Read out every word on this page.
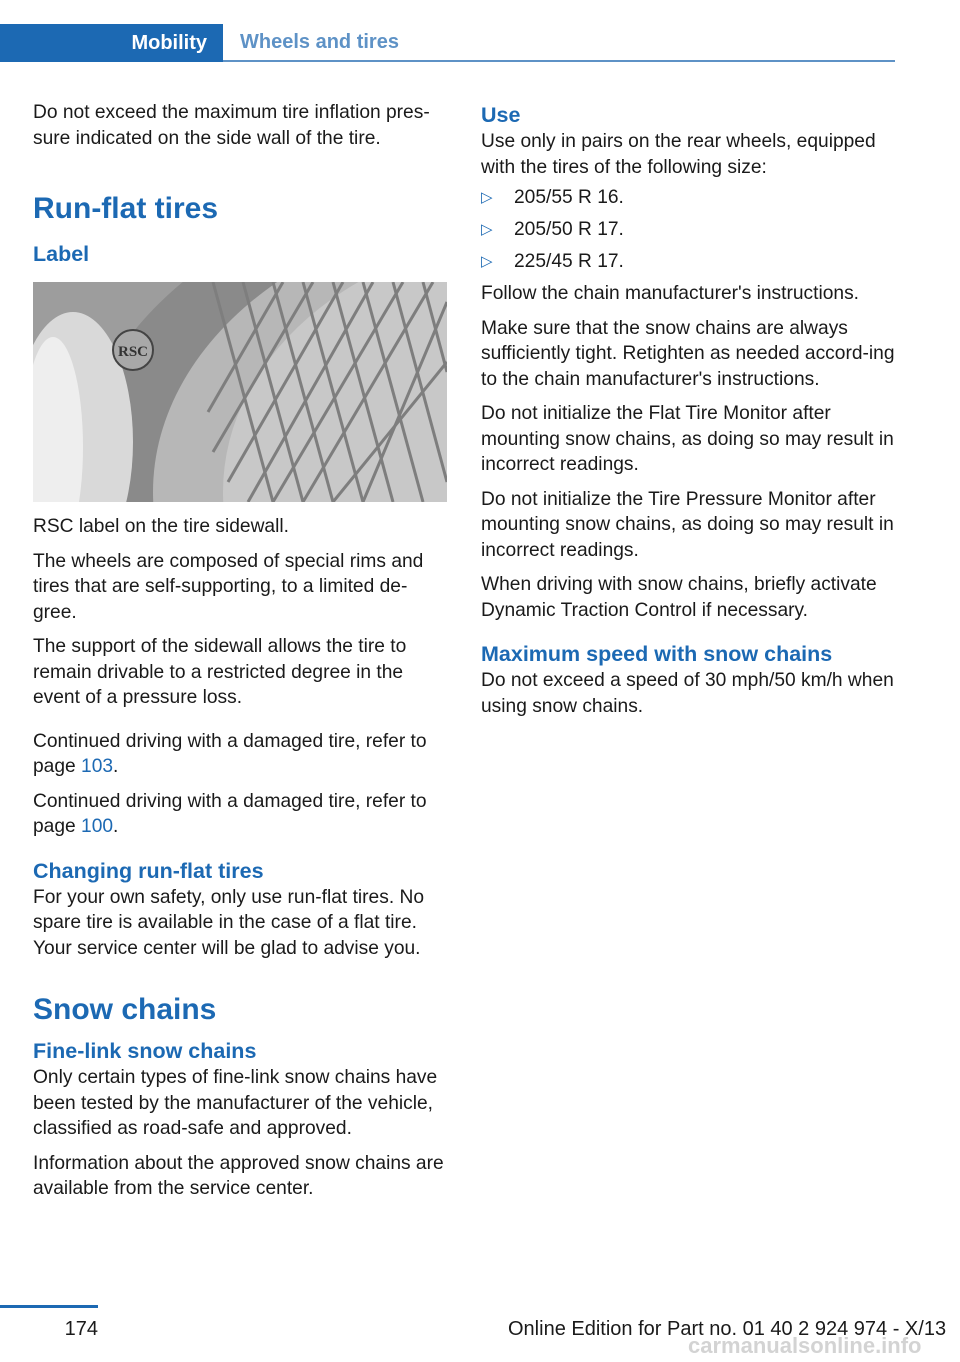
Mobility	Wheels and tires

Do not exceed the maximum tire inflation pres-sure indicated on the side wall of the tire.

Run-flat tires
Label
RSC

RSC label on the tire sidewall.

The wheels are composed of special rims and tires that are self-supporting, to a limited de-gree.

The support of the sidewall allows the tire to remain drivable to a restricted degree in the event of a pressure loss.

Continued driving with a damaged tire, refer to page 103.

Continued driving with a damaged tire, refer to page 100.

Changing run-flat tires

For your own safety, only use run-flat tires. No spare tire is available in the case of a flat tire. Your service center will be glad to advise you.

Snow chains
Fine-link snow chains

Only certain types of fine-link snow chains have been tested by the manufacturer of the vehicle, classified as road-safe and approved.

Information about the approved snow chains are available from the service center.

Use

Use only in pairs on the rear wheels, equipped with the tires of the following size:

▷ 205/55 R 16.
▷ 205/50 R 17.
▷ 225/45 R 17.

Follow the chain manufacturer's instructions.

Make sure that the snow chains are always sufficiently tight. Retighten as needed accord-ing to the chain manufacturer's instructions.

Do not initialize the Flat Tire Monitor after mounting snow chains, as doing so may result in incorrect readings.

Do not initialize the Tire Pressure Monitor after mounting snow chains, as doing so may result in incorrect readings.

When driving with snow chains, briefly activate Dynamic Traction Control if necessary.

Maximum speed with snow chains

Do not exceed a speed of 30 mph/50 km/h when using snow chains.

174	Online Edition for Part no. 01 40 2 924 974 - X/13
carmanualsonline.info
